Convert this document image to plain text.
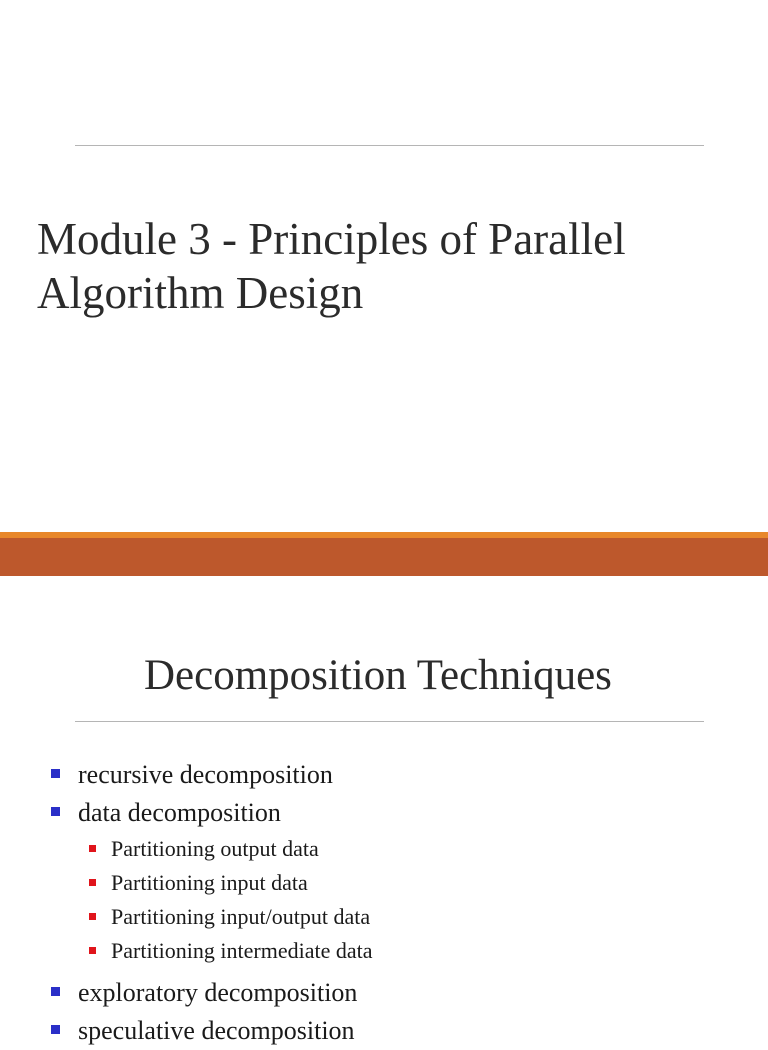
Module 3 - Principles of Parallel
Algorithm Design
Decomposition Techniques
recursive decomposition
data decomposition
Partitioning output data
Partitioning input data
Partitioning input/output data
Partitioning intermediate data
exploratory decomposition
speculative decomposition
